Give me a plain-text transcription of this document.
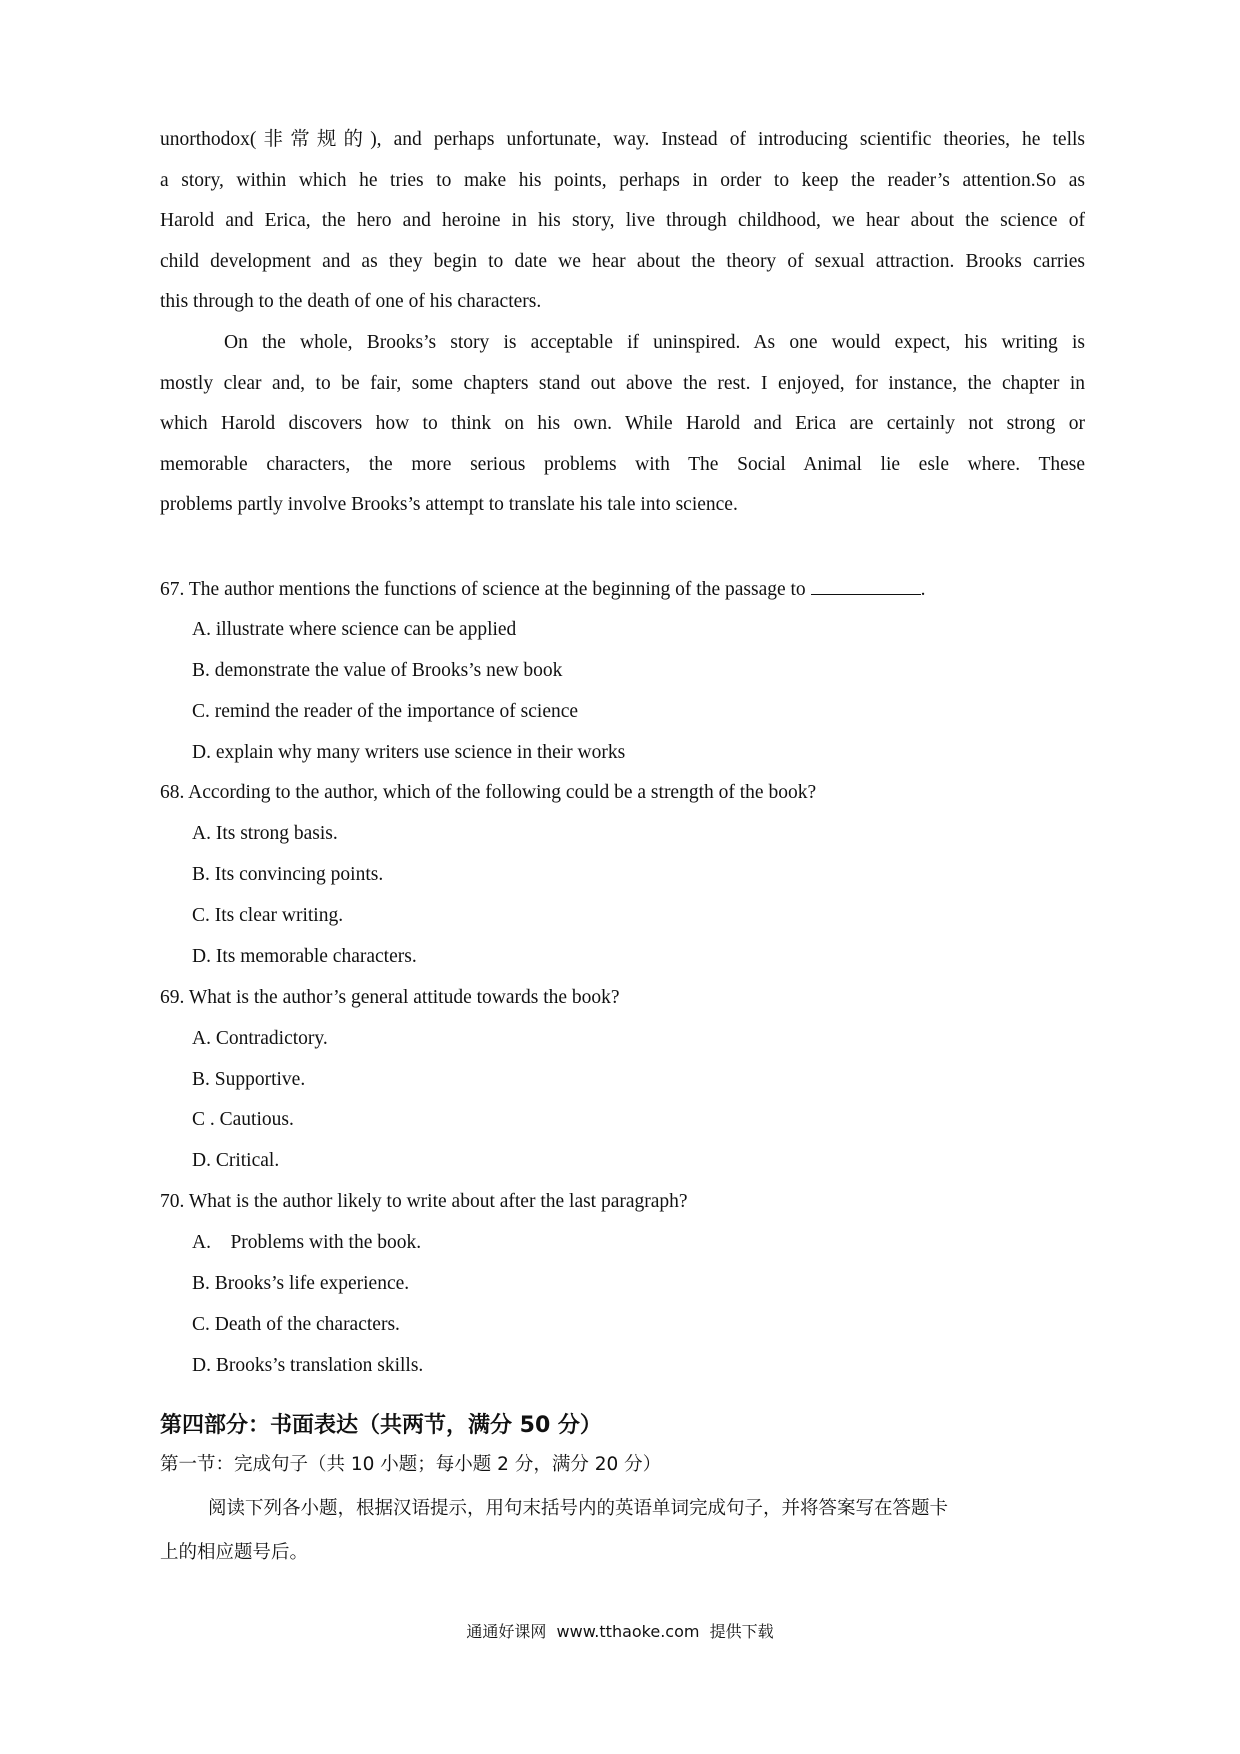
unorthodox(非常规的), and perhaps unfortunate, way. Instead of introducing scientific theories, he tells
a story, within which he tries to make his points, perhaps in order to keep the reader’s attention.So as
Harold and Erica, the hero and heroine in his story, live through childhood, we hear about the science of
child development and as they begin to date we hear about the theory of sexual attraction. Brooks carries
this through to the death of one of his characters.

On the whole, Brooks’s story is acceptable if uninspired. As one would expect, his writing is
mostly clear and, to be fair, some chapters stand out above the rest. I enjoyed, for instance, the chapter in
which Harold discovers how to think on his own. While Harold and Erica are certainly not strong or
memorable characters, the more serious problems with The Social Animal lie esle where. These
problems partly involve Brooks’s attempt to translate his tale into science.

67. The author mentions the functions of science at the beginning of the passage to	.

A. illustrate where science can be applied

B. demonstrate the value of Brooks’s new book

C. remind the reader of the importance of science

D. explain why many writers use science in their works

68. According to the author, which of the following could be a strength of the book?

A. Its strong basis.

B. Its convincing points.

C. Its clear writing.

D. Its memorable characters.

69. What is the author’s general attitude towards the book?

A. Contradictory.

B. Supportive.

C . Cautious.

D. Critical.

70. What is the author likely to write about after the last paragraph?

A.    Problems with the book.

B. Brooks’s life experience.

C. Death of the characters.

D. Brooks’s translation skills.

第四部分：书面表达（共两节，满分 50 分）

第一节：完成句子（共 10 小题；每小题 2 分，满分 20 分）

阅读下列各小题，根据汉语提示，用句末括号内的英语单词完成句子，并将答案写在答题卡

上的相应题号后。

通通好课网  www.tthaoke.com  提供下载
